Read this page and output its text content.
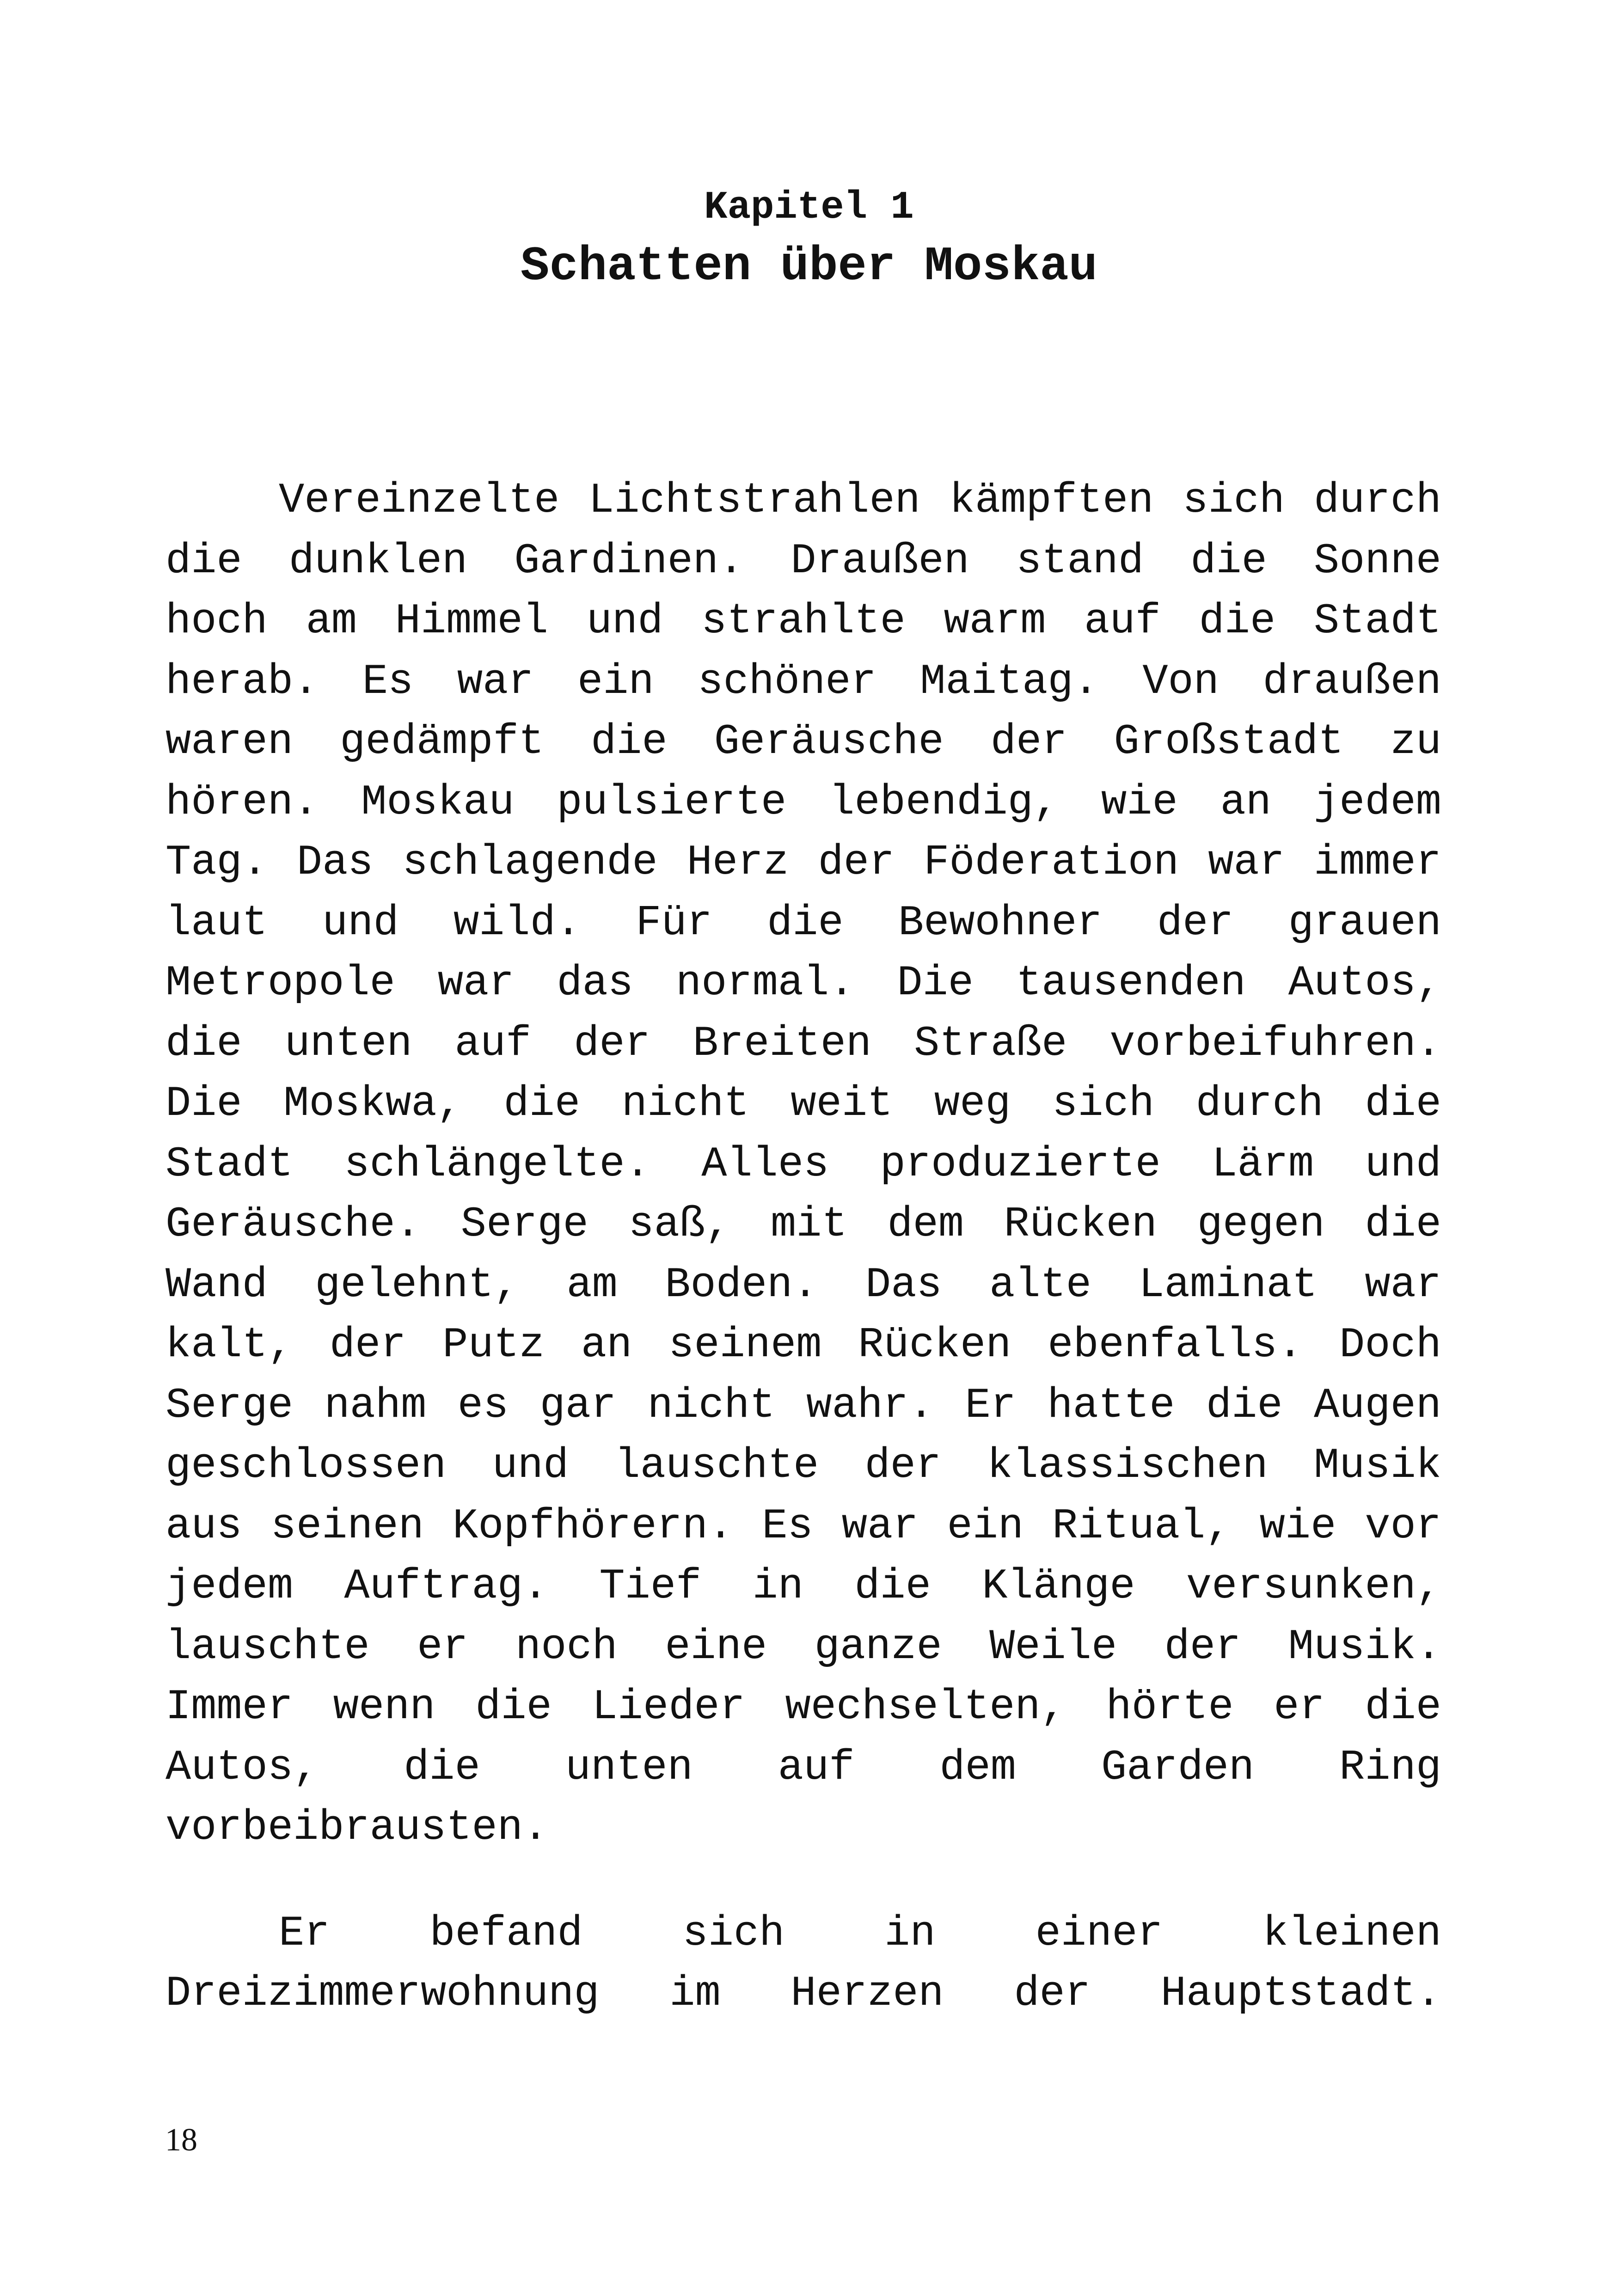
Kapitel 1
Schatten über Moskau

Vereinzelte Lichtstrahlen kämpften sich durch die dunklen Gardinen. Draußen stand die Sonne hoch am Himmel und strahlte warm auf die Stadt herab. Es war ein schöner Maitag. Von draußen waren gedämpft die Geräusche der Großstadt zu hören. Moskau pulsierte lebendig, wie an jedem Tag. Das schlagende Herz der Föderation war immer laut und wild. Für die Bewohner der grauen Metropole war das normal. Die tausenden Autos, die unten auf der Breiten Straße vorbeifuhren. Die Moskwa, die nicht weit weg sich durch die Stadt schlängelte. Alles produzierte Lärm und Geräusche. Serge saß, mit dem Rücken gegen die Wand gelehnt, am Boden. Das alte Laminat war kalt, der Putz an seinem Rücken ebenfalls. Doch Serge nahm es gar nicht wahr. Er hatte die Augen geschlossen und lauschte der klassischen Musik aus seinen Kopfhörern. Es war ein Ritual, wie vor jedem Auftrag. Tief in die Klänge versunken, lauschte er noch eine ganze Weile der Musik. Immer wenn die Lieder wechselten, hörte er die Autos, die unten auf dem Garden Ring vorbeibrausten.

Er befand sich in einer kleinen Dreizimmerwohnung im Herzen der Hauptstadt.

18
